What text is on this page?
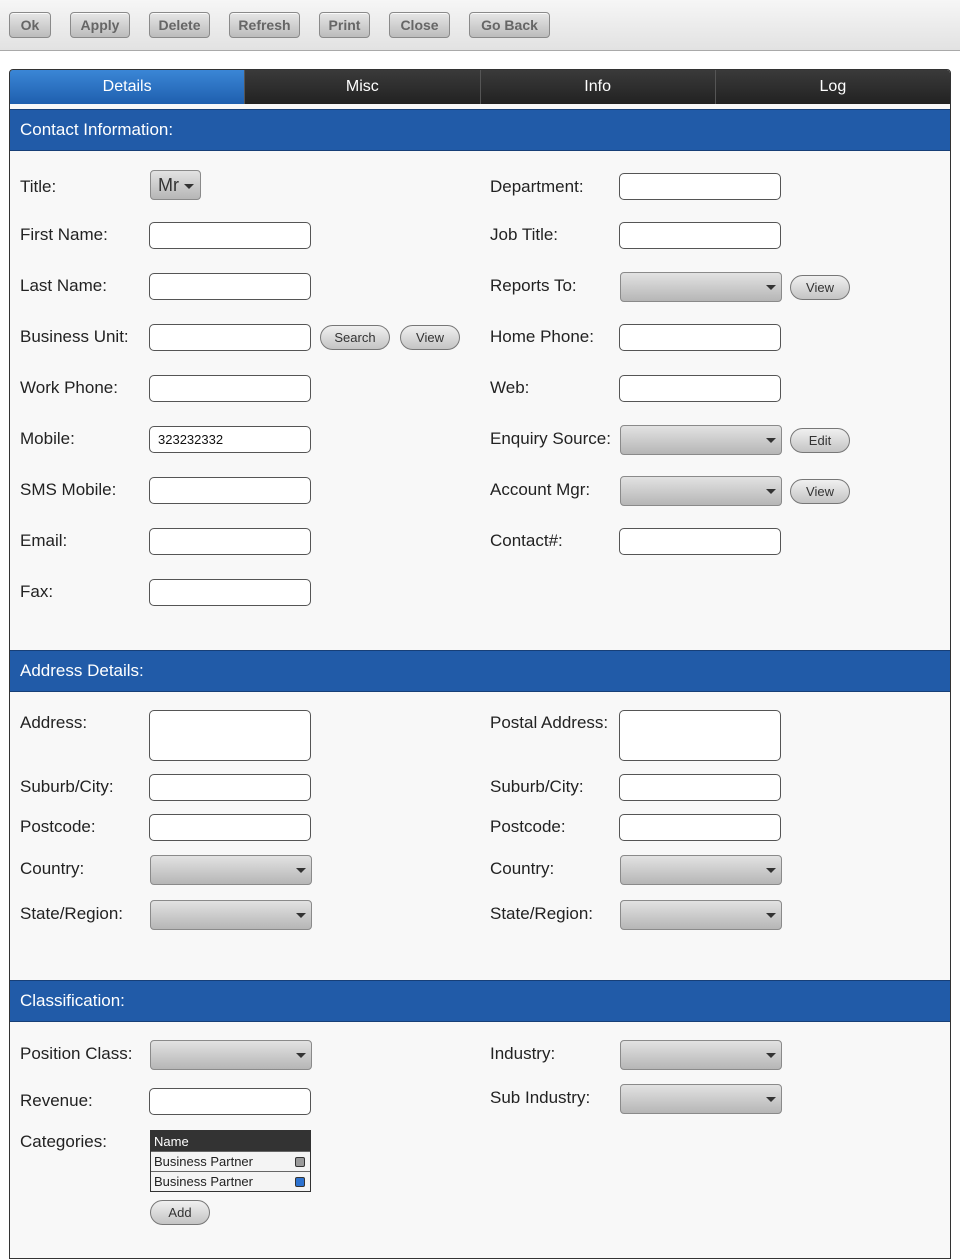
Ok	Apply	Delete	Refresh	Print	Close	Go Back
Details	Misc	Info	Log
Contact Information:
Title:	Mr
First Name:
Last Name:
Business Unit:	Search	View
Work Phone:
Mobile:	323232332
SMS Mobile:
Email:
Fax:
Department:
Job Title:
Reports To:	View
Home Phone:
Web:
Enquiry Source:	Edit
Account Mgr:	View
Contact#:
Address Details:
Address:
Suburb/City:
Postcode:
Country:
State/Region:
Postal Address:
Suburb/City:
Postcode:
Country:
State/Region:
Classification:
Position Class:
Revenue:
Categories:	Name
Business Partner
Business Partner
Add
Industry:
Sub Industry:
